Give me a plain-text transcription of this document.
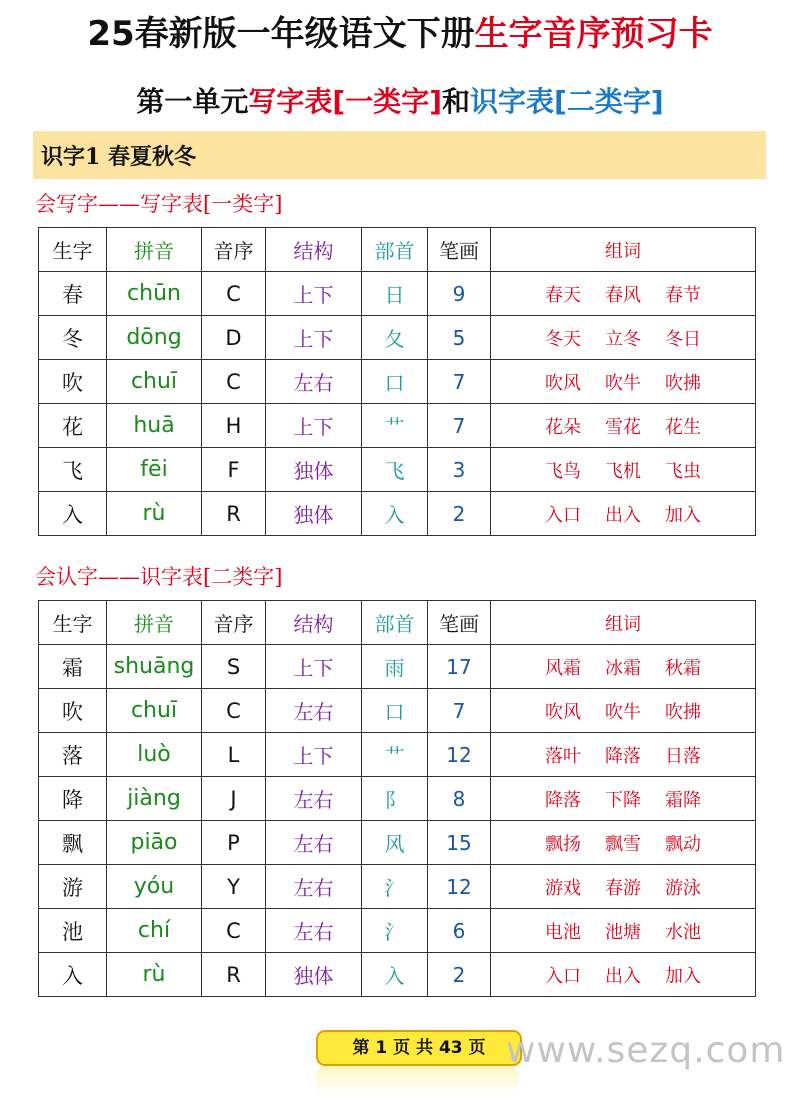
25春新版一年级语文下册生字音序预习卡
第一单元写字表[一类字]和识字表[二类字]
识字1 春夏秋冬
会写字——写字表[一类字]
生字	拼音	音序	结构	部首	笔画	组词
春	chūn	C	上下	日	9	春天 春风 春节
冬	dōng	D	上下	夂	5	冬天 立冬 冬日
吹	chuī	C	左右	口	7	吹风 吹牛 吹拂
花	huā	H	上下	艹	7	花朵 雪花 花生
飞	fēi	F	独体	飞	3	飞鸟 飞机 飞虫
入	rù	R	独体	入	2	入口 出入 加入
会认字——识字表[二类字]
生字	拼音	音序	结构	部首	笔画	组词
霜	shuāng	S	上下	雨	17	风霜 冰霜 秋霜
吹	chuī	C	左右	口	7	吹风 吹牛 吹拂
落	luò	L	上下	艹	12	落叶 降落 日落
降	jiàng	J	左右	阝	8	降落 下降 霜降
飘	piāo	P	左右	风	15	飘扬 飘雪 飘动
游	yóu	Y	左右	氵	12	游戏 春游 游泳
池	chí	C	左右	氵	6	电池 池塘 水池
入	rù	R	独体	入	2	入口 出入 加入
第 1 页 共 43 页 www.sezq.com
